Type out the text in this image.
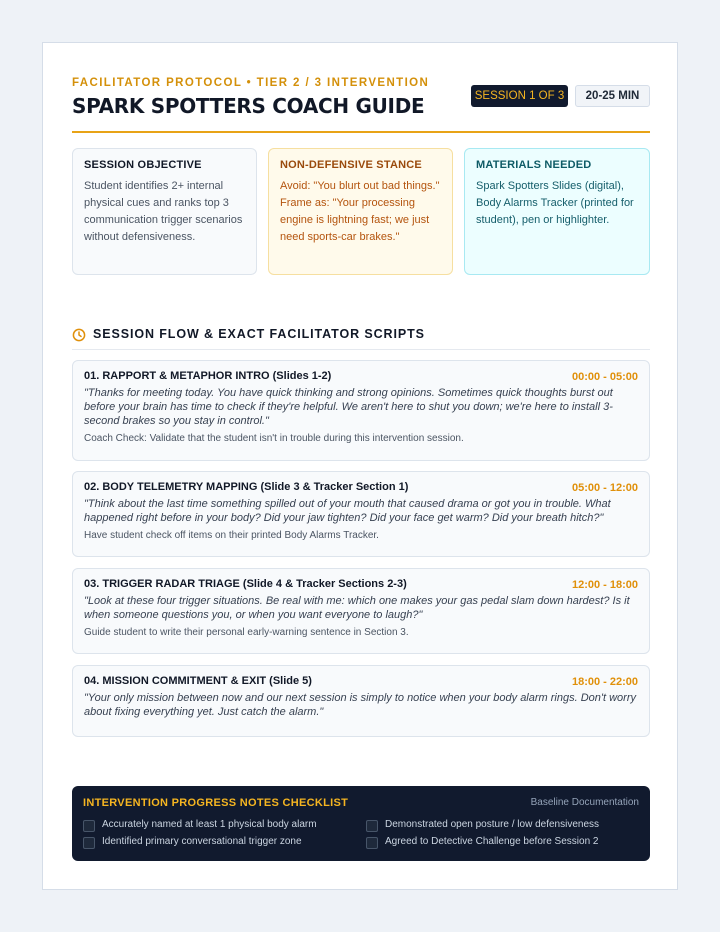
FACILITATOR PROTOCOL • TIER 2 / 3 INTERVENTION
SPARK SPOTTERS COACH GUIDE	SESSION 1 OF 3	20-25 MIN
SESSION OBJECTIVE

Student identifies 2+ internal physical cues and ranks top 3 communication trigger scenarios without defensiveness.

NON-DEFENSIVE STANCE

Avoid: "You blurt out bad things." Frame as: "Your processing engine is lightning fast; we just need sports-car brakes."

MATERIALS NEEDED

Spark Spotters Slides (digital), Body Alarms Tracker (printed for student), pen or highlighter.

SESSION FLOW & EXACT FACILITATOR SCRIPTS
01. RAPPORT & METAPHOR INTRO (Slides 1-2)	00:00 - 05:00
"Thanks for meeting today. You have quick thinking and strong opinions. Sometimes quick thoughts burst out before your brain has time to check if they're helpful. We aren't here to shut you down; we're here to install 3-second brakes so you stay in control."
Coach Check: Validate that the student isn't in trouble during this intervention session.
02. BODY TELEMETRY MAPPING (Slide 3 & Tracker Section 1)	05:00 - 12:00
"Think about the last time something spilled out of your mouth that caused drama or got you in trouble. What happened right before in your body? Did your jaw tighten? Did your face get warm? Did your breath hitch?"
Have student check off items on their printed Body Alarms Tracker.
03. TRIGGER RADAR TRIAGE (Slide 4 & Tracker Sections 2-3)	12:00 - 18:00
"Look at these four trigger situations. Be real with me: which one makes your gas pedal slam down hardest? Is it when someone questions you, or when you want everyone to laugh?"
Guide student to write their personal early-warning sentence in Section 3.
04. MISSION COMMITMENT & EXIT (Slide 5)	18:00 - 22:00
"Your only mission between now and our next session is simply to notice when your body alarm rings. Don't worry about fixing everything yet. Just catch the alarm."
INTERVENTION PROGRESS NOTES CHECKLIST	Baseline Documentation
Accurately named at least 1 physical body alarm	Demonstrated open posture / low defensiveness
Identified primary conversational trigger zone	Agreed to Detective Challenge before Session 2
